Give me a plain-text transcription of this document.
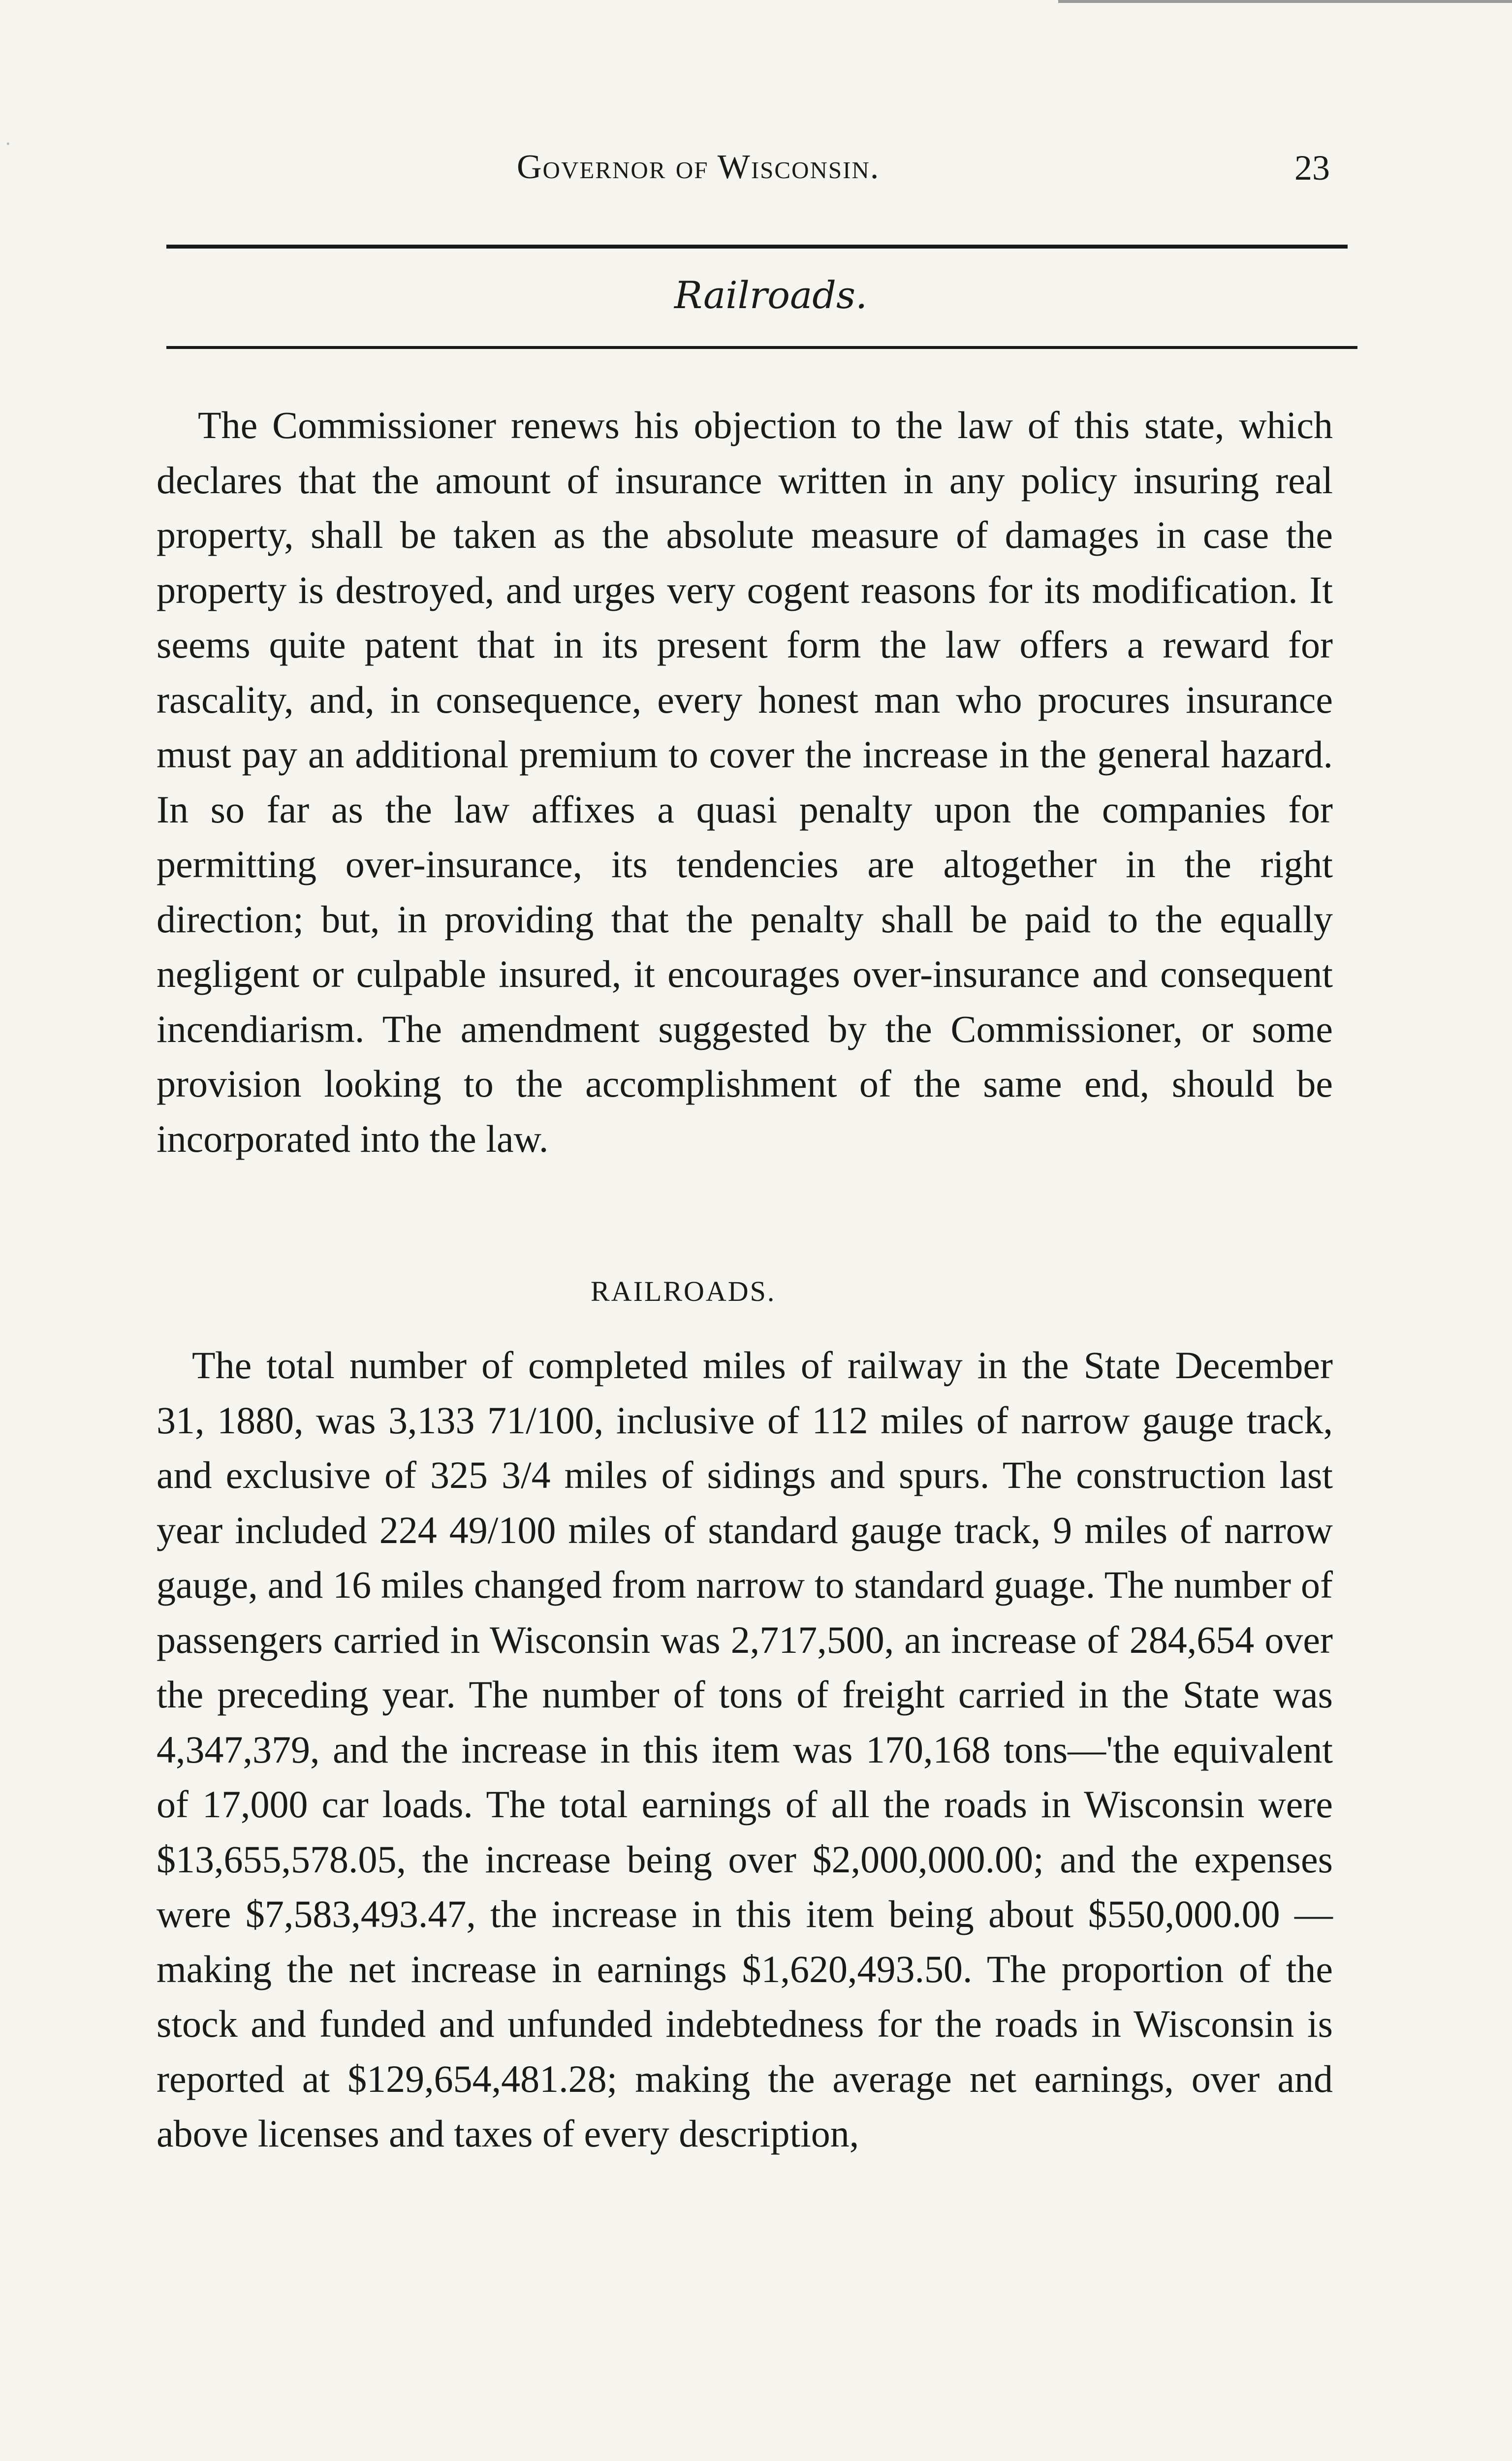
·
Governor of Wisconsin.	23
Railroads.

The Commissioner renews his objection to the law of this state, which declares that the amount of insurance written in any policy insuring real property, shall be taken as the absolute measure of damages in case the property is destroyed, and urges very cogent reasons for its modification. It seems quite patent that in its present form the law offers a reward for rascality, and, in consequence, every honest man who procures insurance must pay an additional premium to cover the increase in the general hazard. In so far as the law affixes a quasi penalty upon the companies for permitting over-insurance, its tendencies are altogether in the right direction; but, in providing that the penalty shall be paid to the equally negligent or culpable insured, it encourages over-insurance and consequent incendiarism. The amendment suggested by the Commissioner, or some provision looking to the accomplishment of the same end, should be incorporated into the law.

RAILROADS.

The total number of completed miles of railway in the State December 31, 1880, was 3,133 71/100, inclusive of 112 miles of narrow gauge track, and exclusive of 325 3/4 miles of sidings and spurs. The construction last year included 224 49/100 miles of standard gauge track, 9 miles of narrow gauge, and 16 miles changed from narrow to standard guage. The number of passengers carried in Wisconsin was 2,717,500, an increase of 284,654 over the preceding year. The number of tons of freight carried in the State was 4,347,379, and the increase in this item was 170,168 tons—'the equivalent of 17,000 car loads. The total earnings of all the roads in Wisconsin were $13,655,578.05, the increase being over $2,000,000.00; and the expenses were $7,583,493.47, the increase in this item being about $550,000.00 — making the net increase in earnings $1,620,493.50. The proportion of the stock and funded and unfunded indebtedness for the roads in Wisconsin is reported at $129,654,481.28; making the average net earnings, over and above licenses and taxes of every description,
